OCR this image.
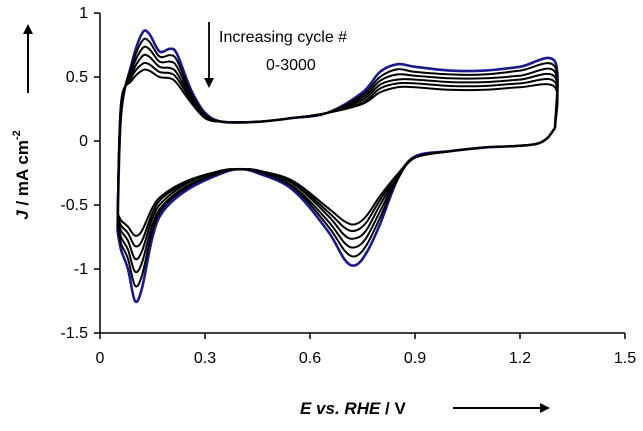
-1.5
-1
-0.5
0
0.5
1
0	0.3	0.6	0.9	1.2	1.5
J / mA $cm^{-2}$
E vs. RHE / V
Increasing cycle #
0-3000
